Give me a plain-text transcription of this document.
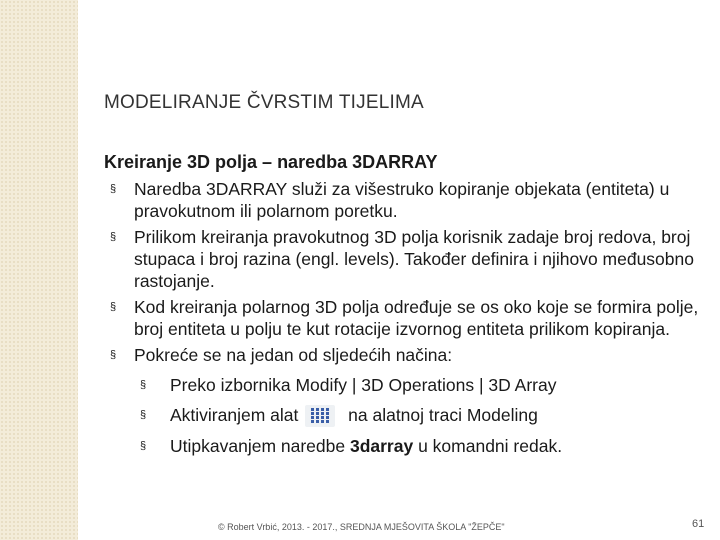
MODELIRANJE ČVRSTIM TIJELIMA
Kreiranje 3D polja – naredba 3DARRAY
§ Naredba 3DARRAY služi za višestruko kopiranje objekata (entiteta) u pravokutnom ili polarnom poretku.
§ Prilikom kreiranja pravokutnog 3D polja korisnik zadaje broj redova, broj stupaca i broj razina (engl. levels). Također definira i njihovo međusobno rastojanje.
§ Kod kreiranja polarnog 3D polja određuje se os oko koje se formira polje, broj entiteta u polju te kut rotacije izvornog entiteta prilikom kopiranja.
§ Pokreće se na jedan od sljedećih načina:
§ Preko izbornika Modify | 3D Operations | 3D Array
§ Aktiviranjem alat	na alatnoj traci Modeling
§ Utipkavanjem naredbe 3darray u komandni redak.
© Robert Vrbić, 2013. - 2017., SREDNJA MJEŠOVITA ŠKOLA "ŽEPČE"	61
